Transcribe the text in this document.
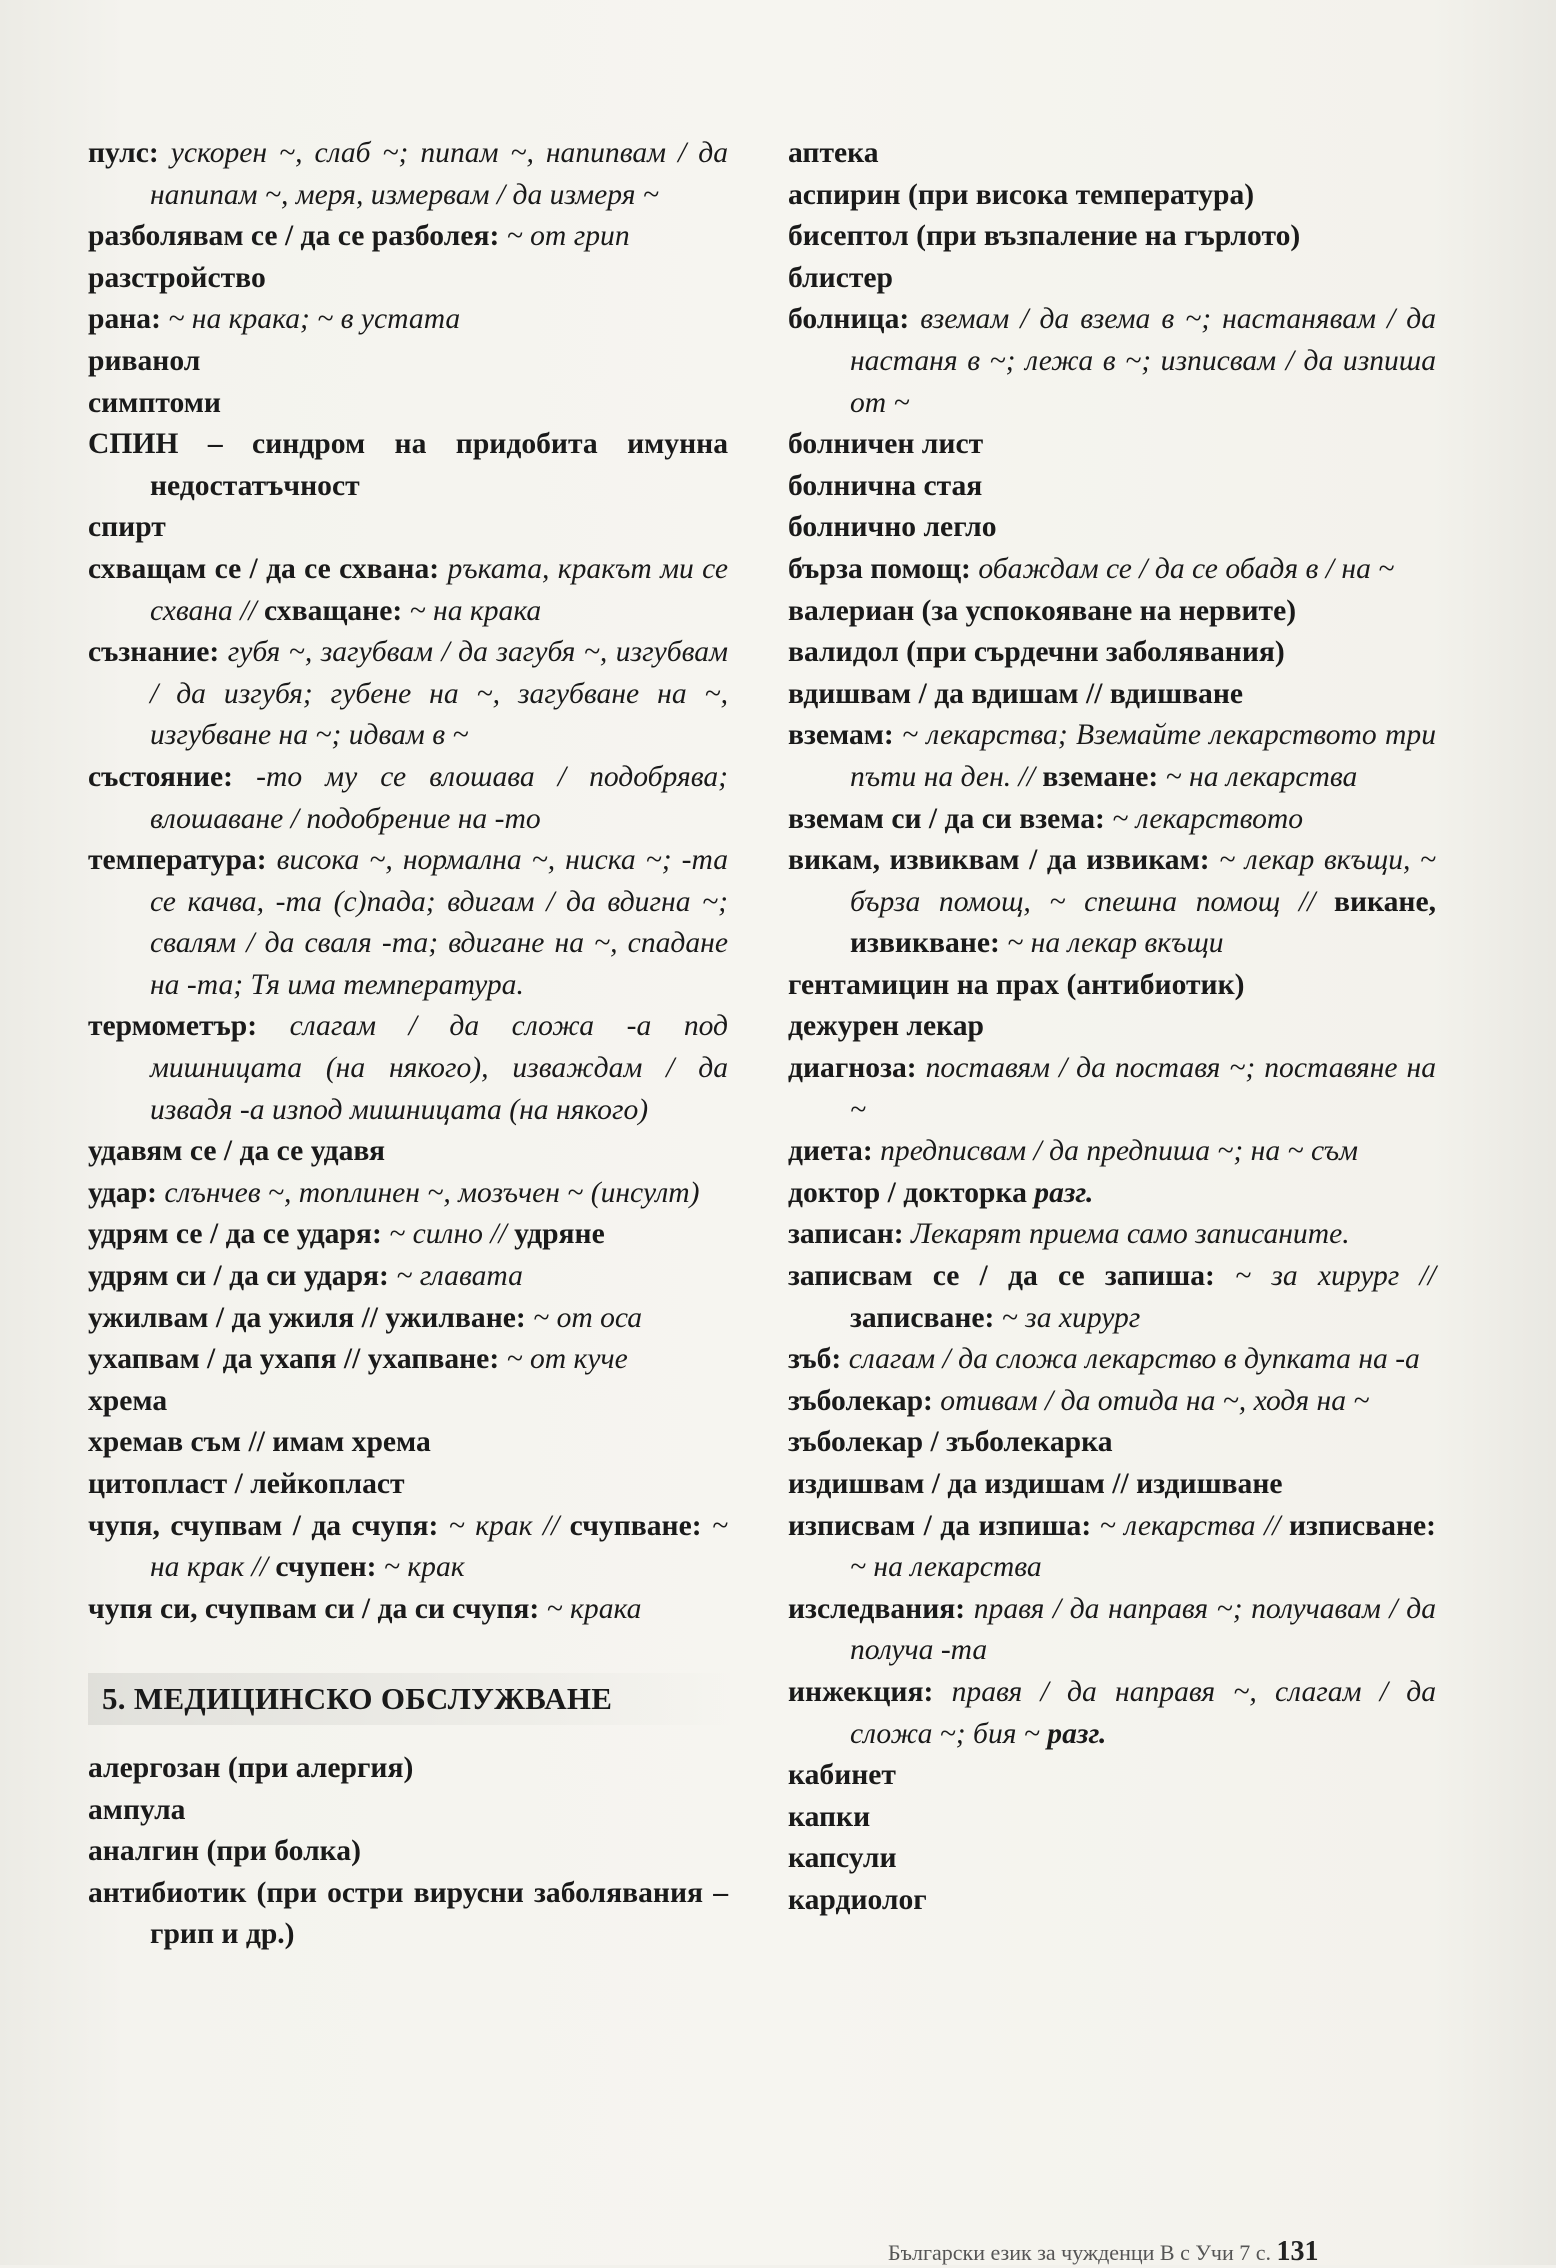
пулс: ускорен ~, слаб ~; пипам ~, напипвам / да напипам ~, меря, измервам / да измеря ~
разболявам се / да се разболея: ~ от грип
разстройство
рана: ~ на крака; ~ в устата
риванол
симптоми
СПИН – синдром на придобита имунна недостатъчност
спирт
схващам се / да се схвана: ръката, кракът ми се схвана // схващане: ~ на крака
съзнание: губя ~, загубвам / да загубя ~, изгубвам / да изгубя; губене на ~, загубване на ~, изгубване на ~; идвам в ~
състояние: -то му се влошава / подобрява; влошаване / подобрение на -то
температура: висока ~, нормална ~, ниска ~; -та се качва, -та (с)пада; вдигам / да вдигна ~; свалям / да сваля -та; вдигане на ~, спадане на -та; Тя има температура.
термометър: слагам / да сложа -а под мишницата (на някого), изваждам / да извадя -а изпод мишницата (на някого)
удавям се / да се удавя
удар: слънчев ~, топлинен ~, мозъчен ~ (инсулт)
удрям се / да се ударя: ~ силно // удряне
удрям си / да си ударя: ~ главата
ужилвам / да ужиля // ужилване: ~ от оса
ухапвам / да ухапя // ухапване: ~ от куче
хрема
хремав съм // имам хрема
цитопласт / лейкопласт
чупя, счупвам / да счупя: ~ крак // счупване: ~ на крак // счупен: ~ крак
чупя си, счупвам си / да си счупя: ~ крака
5. МЕДИЦИНСКО ОБСЛУЖВАНЕ
алергозан (при алергия)
ампула
аналгин (при болка)
антибиотик (при остри вирусни заболявания – грип и др.)
аптека
аспирин (при висока температура)
бисептол (при възпаление на гърлото)
блистер
болница: вземам / да взема в ~; настанявам / да настаня в ~; лежа в ~; изписвам / да изпиша от ~
болничен лист
болнична стая
болнично легло
бърза помощ: обаждам се / да се обадя в / на ~
валериан (за успокояване на нервите)
валидол (при сърдечни заболявания)
вдишвам / да вдишам // вдишване
вземам: ~ лекарства; Вземайте лекарството три пъти на ден. // вземане: ~ на лекарства
вземам си / да си взема: ~ лекарството
викам, извиквам / да извикам: ~ лекар вкъщи, ~ бърза помощ, ~ спешна помощ // викане, извикване: ~ на лекар вкъщи
гентамицин на прах (антибиотик)
дежурен лекар
диагноза: поставям / да поставя ~; поставяне на ~
диета: предписвам / да предпиша ~; на ~ съм
доктор / докторка разг.
записан: Лекарят приема само записаните.
записвам се / да се запиша: ~ за хирург // записване: ~ за хирург
зъб: слагам / да сложа лекарство в дупката на -а
зъболекар: отивам / да отида на ~, ходя на ~
зъболекар / зъболекарка
издишвам / да издишам // издишване
изписвам / да изпиша: ~ лекарства // изписване: ~ на лекарства
изследвания: правя / да направя ~; получавам / да получа -та
инжекция: правя / да направя ~, слагам / да сложа ~; бия ~ разг.
кабинет
капки
капсули
кардиолог
Български език за чужденци В с Учи 7 с. 131
